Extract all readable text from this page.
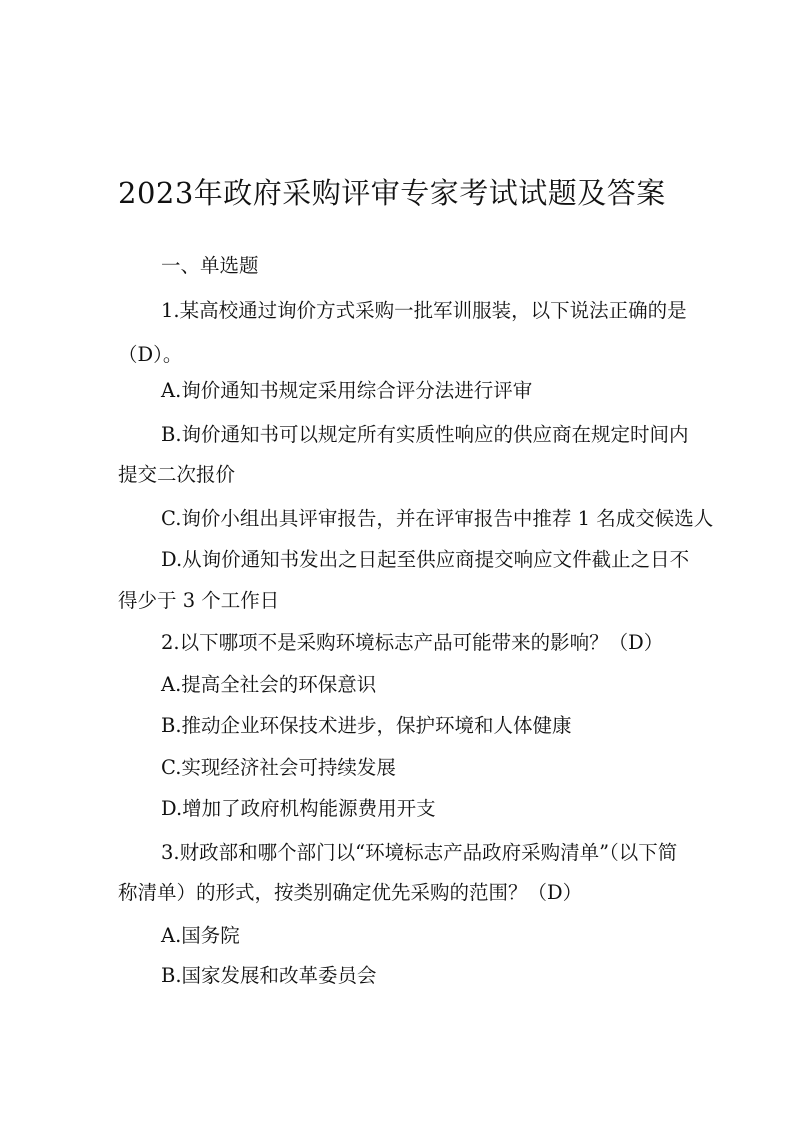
2023年政府采购评审专家考试试题及答案
一、单选题
1.某高校通过询价方式采购一批军训服装，以下说法正确的是
（D）。
A.询价通知书规定采用综合评分法进行评审
B.询价通知书可以规定所有实质性响应的供应商在规定时间内
提交二次报价
C.询价小组出具评审报告，并在评审报告中推荐 1 名成交候选人
D.从询价通知书发出之日起至供应商提交响应文件截止之日不
得少于 3 个工作日
2.以下哪项不是采购环境标志产品可能带来的影响？（D）
A.提高全社会的环保意识
B.推动企业环保技术进步，保护环境和人体健康
C.实现经济社会可持续发展
D.增加了政府机构能源费用开支
3.财政部和哪个部门以“环境标志产品政府采购清单”（以下简
称清单）的形式，按类别确定优先采购的范围？（D）
A.国务院
B.国家发展和改革委员会
